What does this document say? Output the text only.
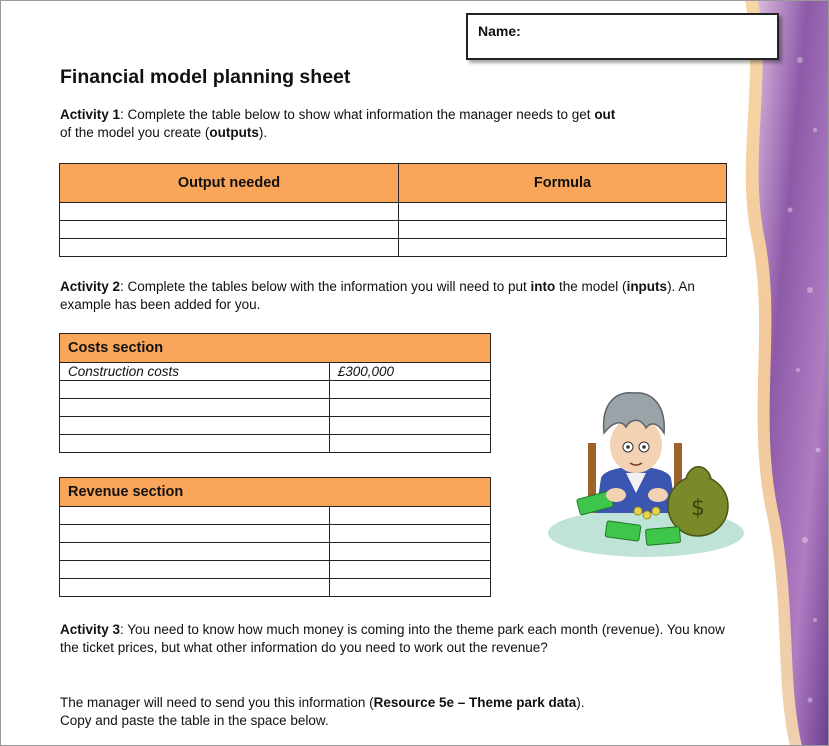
Name:
Financial model planning sheet
Activity 1: Complete the table below to show what information the manager needs to get out
of the model you create (outputs).
Output needed	Formula

Activity 2: Complete the tables below with the information you will need to put into the model (inputs). An example has been added for you.
Costs section	
Construction costs	£300,000

Revenue section	

$
Activity 3: You need to know how much money is coming into the theme park each month (revenue). You know the ticket prices, but what other information do you need to work out the revenue?
The manager will need to send you this information (Resource 5e – Theme park data).
Copy and paste the table in the space below.
